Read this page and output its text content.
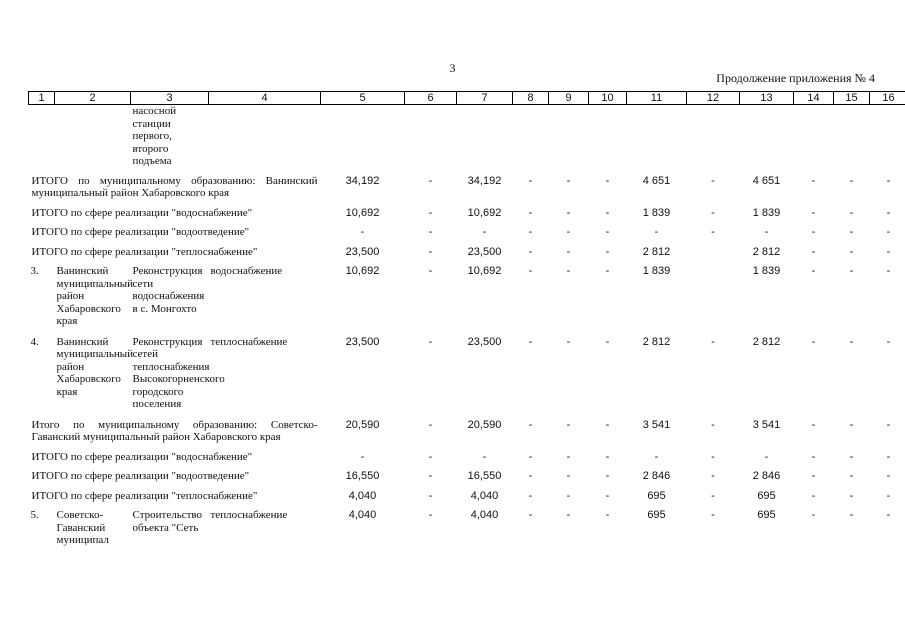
3
Продолжение приложения № 4
1	2	3	4	5	6	7	8	9	10	11	12	13	14	15	16
		насосной станции первого, второго подъема													
ИТОГО по муниципальному образованию: Ванинский муниципальный район Хабаровского края				34,192	-	34,192	-	-	-	4 651	-	4 651	-	-	-
ИТОГО по сфере реализации "водоснабжение"				10,692	-	10,692	-	-	-	1 839	-	1 839	-	-	-
ИТОГО по сфере реализации "водоотведение"				-	-	-	-	-	-	-	-	-	-	-	-
ИТОГО по сфере реализации "теплоснабжение"				23,500	-	23,500	-	-	-	2 812		2 812	-	-	-
3.	Ванинский муниципальный район Хабаровского края	Реконструкция сети водоснабжения в с. Монгохто	водоснабжение	10,692	-	10,692	-	-	-	1 839		1 839	-	-	-
4.	Ванинский муниципальный район Хабаровского края	Реконструкция сетей теплоснабжения Высокогорненского городского поселения	теплоснабжение	23,500	-	23,500	-	-	-	2 812	-	2 812	-	-	-
Итого по муниципальному образованию: Советско-Гаванский муниципальный район Хабаровского края				20,590	-	20,590	-	-	-	3 541	-	3 541	-	-	-
ИТОГО по сфере реализации "водоснабжение"				-	-	-	-	-	-	-	-	-	-	-	-
ИТОГО по сфере реализации "водоотведение"				16,550	-	16,550	-	-	-	2 846	-	2 846	-	-	-
ИТОГО по сфере реализации "теплоснабжение"				4,040	-	4,040	-	-	-	695	-	695	-	-	-
5.	Советско-Гаванский муниципал	Строительство объекта "Сеть	теплоснабжение	4,040	-	4,040	-	-	-	695	-	695	-	-	-
